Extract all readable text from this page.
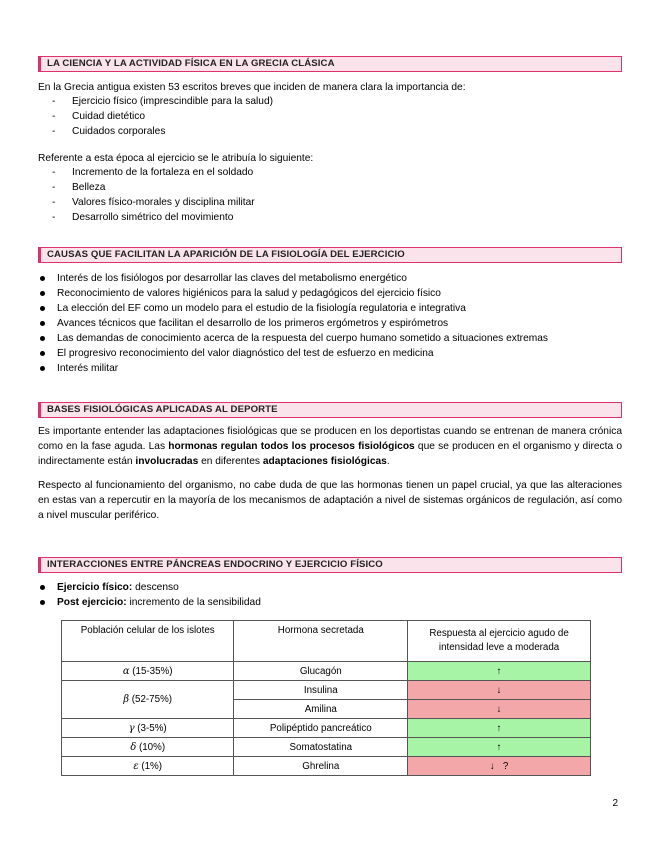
LA CIENCIA Y LA ACTIVIDAD FÍSICA EN LA GRECIA CLÁSICA
En la Grecia antigua existen 53 escritos breves que inciden de manera clara la importancia de:
- Ejercicio físico (imprescindible para la salud)
- Cuidad dietético
- Cuidados corporales
Referente a esta época al ejercicio se le atribuía lo siguiente:
- Incremento de la fortaleza en el soldado
- Belleza
- Valores físico-morales y disciplina militar
- Desarrollo simétrico del movimiento
CAUSAS QUE FACILITAN LA APARICIÓN DE LA FISIOLOGÍA DEL EJERCICIO
Interés de los fisiólogos por desarrollar las claves del metabolismo energético
Reconocimiento de valores higiénicos para la salud y pedagógicos del ejercicio físico
La elección del EF como un modelo para el estudio de la fisiología regulatoria e integrativa
Avances técnicos que facilitan el desarrollo de los primeros ergómetros y espirómetros
Las demandas de conocimiento acerca de la respuesta del cuerpo humano sometido a situaciones extremas
El progresivo reconocimiento del valor diagnóstico del test de esfuerzo en medicina
Interés militar
BASES FISIOLÓGICAS APLICADAS AL DEPORTE
Es importante entender las adaptaciones fisiológicas que se producen en los deportistas cuando se entrenan de manera crónica como en la fase aguda. Las hormonas regulan todos los procesos fisiológicos que se producen en el organismo y directa o indirectamente están involucradas en diferentes adaptaciones fisiológicas.
Respecto al funcionamiento del organismo, no cabe duda de que las hormonas tienen un papel crucial, ya que las alteraciones en estas van a repercutir en la mayoría de los mecanismos de adaptación a nivel de sistemas orgánicos de regulación, así como a nivel muscular periférico.
INTERACCIONES ENTRE PÁNCREAS ENDOCRINO Y EJERCICIO FÍSICO
Ejercicio físico: descenso
Post ejercicio: incremento de la sensibilidad
Población celular de los islotes	Hormona secretada	Respuesta al ejercicio agudo de intensidad leve a moderada
α (15-35%)	Glucagón	↑
β (52-75%)	Insulina	↓
	Amilina	↓
γ (3-5%)	Polipéptido pancreático	↑
δ (10%)	Somatostatina	↑
ε (1%)	Ghrelina	↓   ?
2
